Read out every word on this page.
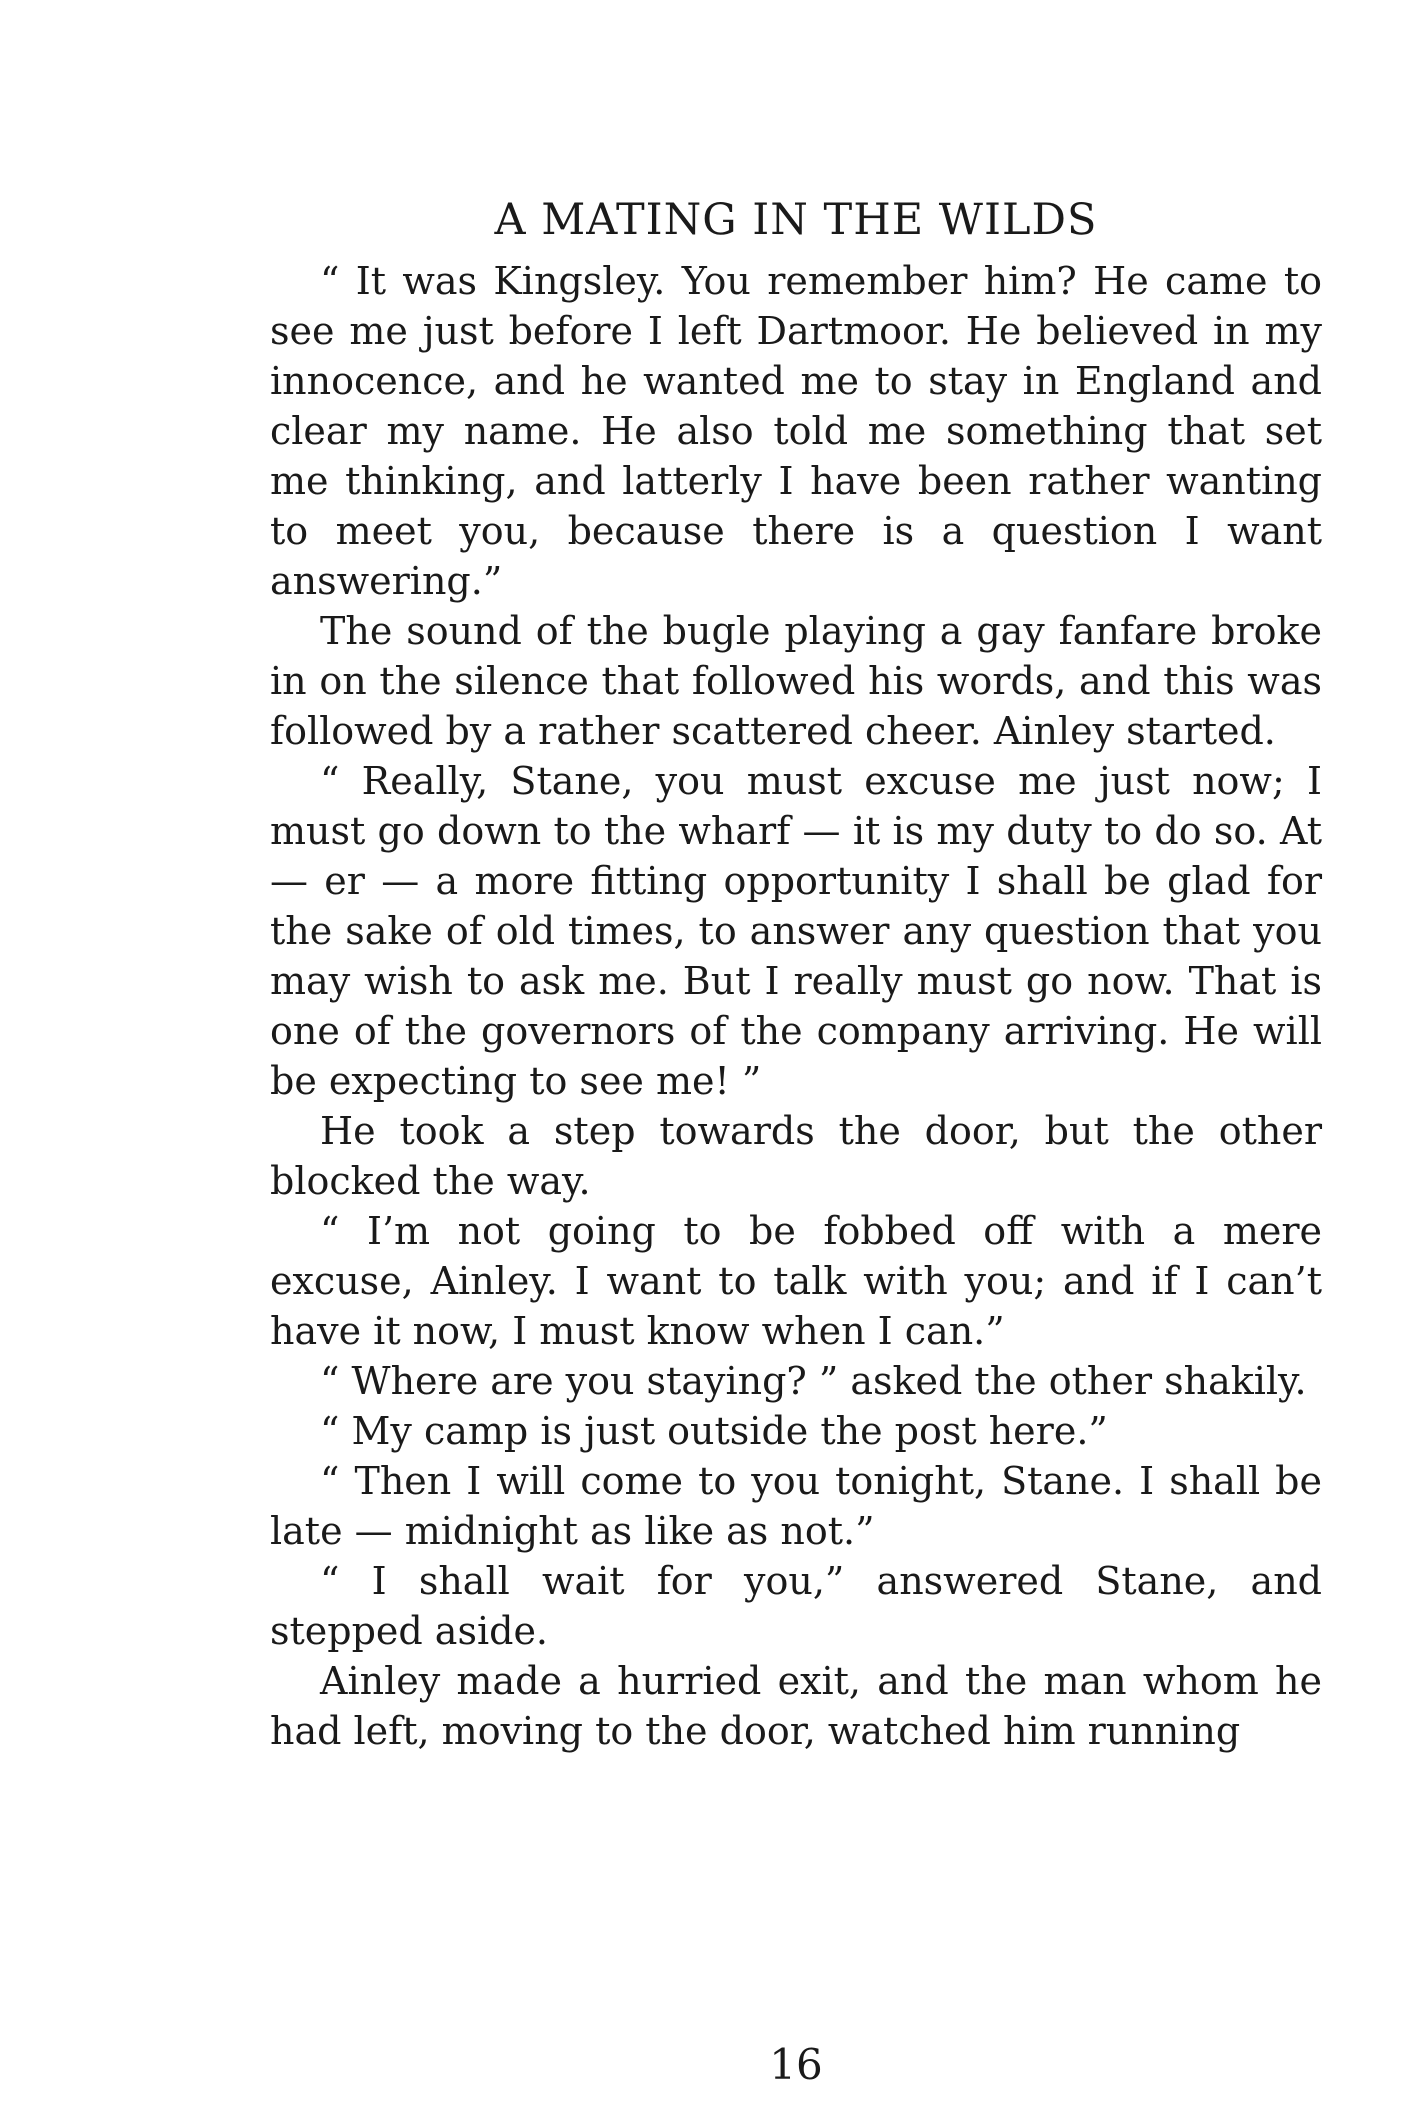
A MATING IN THE WILDS

“ It was Kingsley. You remember him? He came to see me just before I left Dartmoor. He believed in my innocence, and he wanted me to stay in England and clear my name. He also told me something that set me thinking, and latterly I have been rather wanting to meet you, because there is a question I want answering.”

The sound of the bugle playing a gay fanfare broke in on the silence that followed his words, and this was followed by a rather scattered cheer. Ainley started.

“ Really, Stane, you must excuse me just now; I must go down to the wharf — it is my duty to do so. At — er — a more fitting opportunity I shall be glad for the sake of old times, to answer any question that you may wish to ask me. But I really must go now. That is one of the governors of the company arriving. He will be expecting to see me! ”

He took a step towards the door, but the other blocked the way.

“ I’m not going to be fobbed off with a mere excuse, Ainley. I want to talk with you; and if I can’t have it now, I must know when I can.”

“ Where are you staying? ” asked the other shakily.

“ My camp is just outside the post here.”

“ Then I will come to you tonight, Stane. I shall be late — midnight as like as not.”

“ I shall wait for you,” answered Stane, and stepped aside.

Ainley made a hurried exit, and the man whom he had left, moving to the door, watched him running

16
